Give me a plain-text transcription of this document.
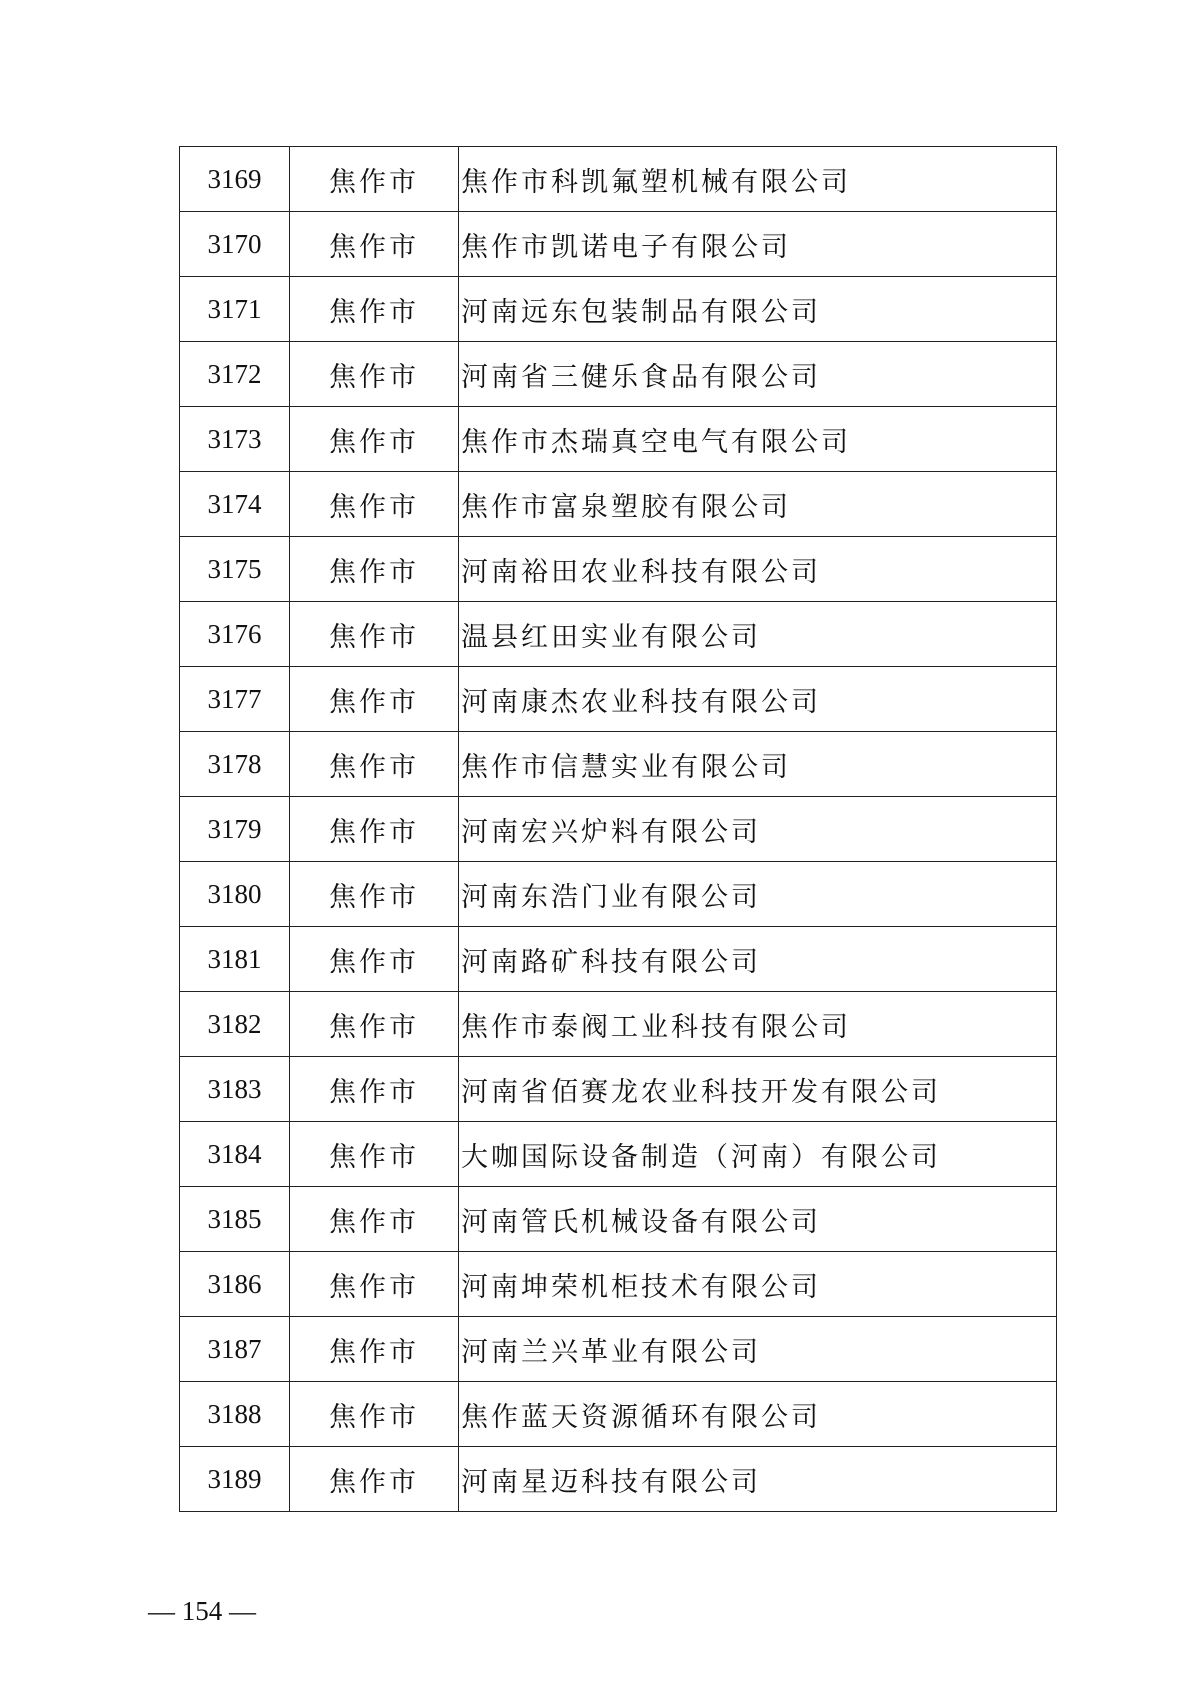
3169	焦作市	焦作市科凯氟塑机械有限公司
3170	焦作市	焦作市凯诺电子有限公司
3171	焦作市	河南远东包装制品有限公司
3172	焦作市	河南省三健乐食品有限公司
3173	焦作市	焦作市杰瑞真空电气有限公司
3174	焦作市	焦作市富泉塑胶有限公司
3175	焦作市	河南裕田农业科技有限公司
3176	焦作市	温县红田实业有限公司
3177	焦作市	河南康杰农业科技有限公司
3178	焦作市	焦作市信慧实业有限公司
3179	焦作市	河南宏兴炉料有限公司
3180	焦作市	河南东浩门业有限公司
3181	焦作市	河南路矿科技有限公司
3182	焦作市	焦作市泰阀工业科技有限公司
3183	焦作市	河南省佰赛龙农业科技开发有限公司
3184	焦作市	大咖国际设备制造（河南）有限公司
3185	焦作市	河南管氏机械设备有限公司
3186	焦作市	河南坤荣机柜技术有限公司
3187	焦作市	河南兰兴革业有限公司
3188	焦作市	焦作蓝天资源循环有限公司
3189	焦作市	河南星迈科技有限公司
— 154 —
